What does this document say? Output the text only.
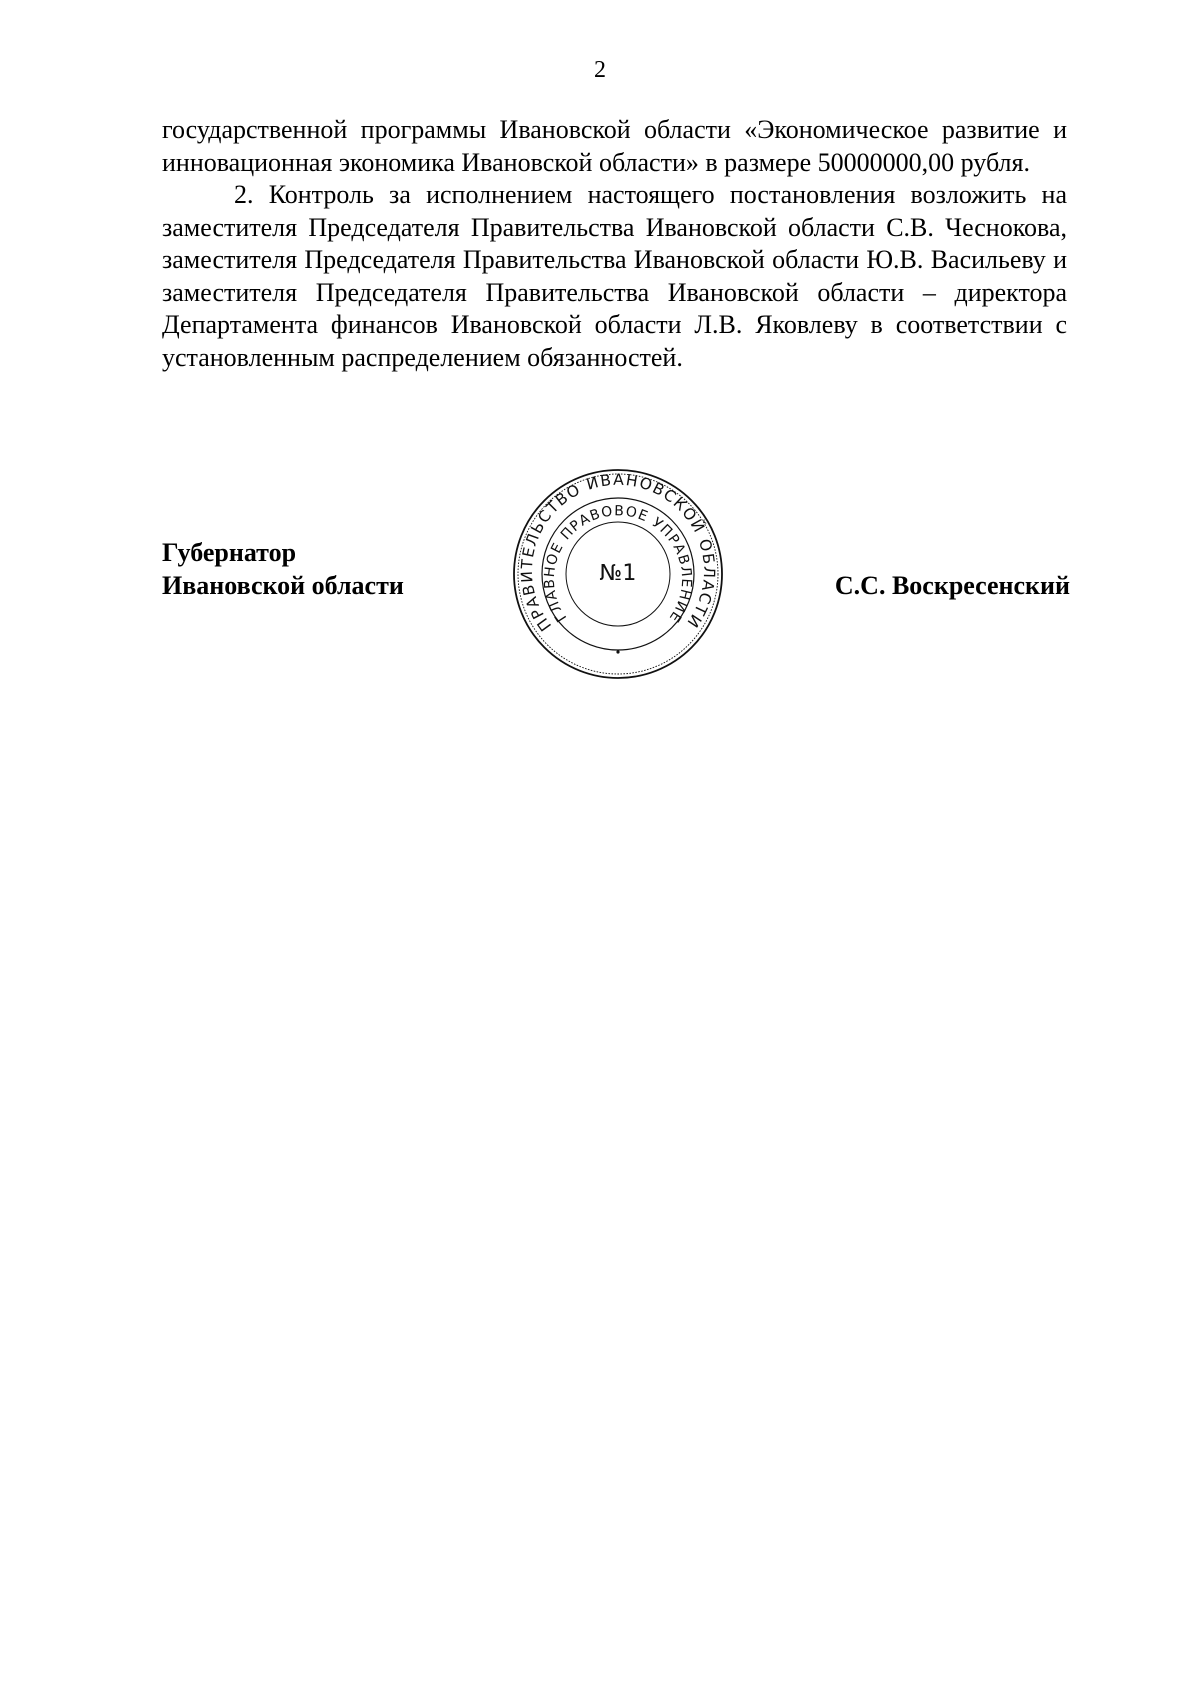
2

государственной программы Ивановской области «Экономическое развитие и инновационная экономика Ивановской области» в размере 50000000,00 рубля.

2. Контроль за исполнением настоящего постановления возложить на заместителя Председателя Правительства Ивановской области С.В. Чеснокова, заместителя Председателя Правительства Ивановской области Ю.В. Васильеву и заместителя Председателя Правительства Ивановской области – директора Департамента финансов Ивановской области Л.В. Яковлеву в соответствии с установленным распределением обязанностей.

Губернатор
Ивановской области	С.С. Воскресенский
ПРАВИТЕЛЬСТВО ИВАНОВСКОЙ ОБЛАСТИ
ГЛАВНОЕ ПРАВОВОЕ УПРАВЛЕНИЕ
№1
